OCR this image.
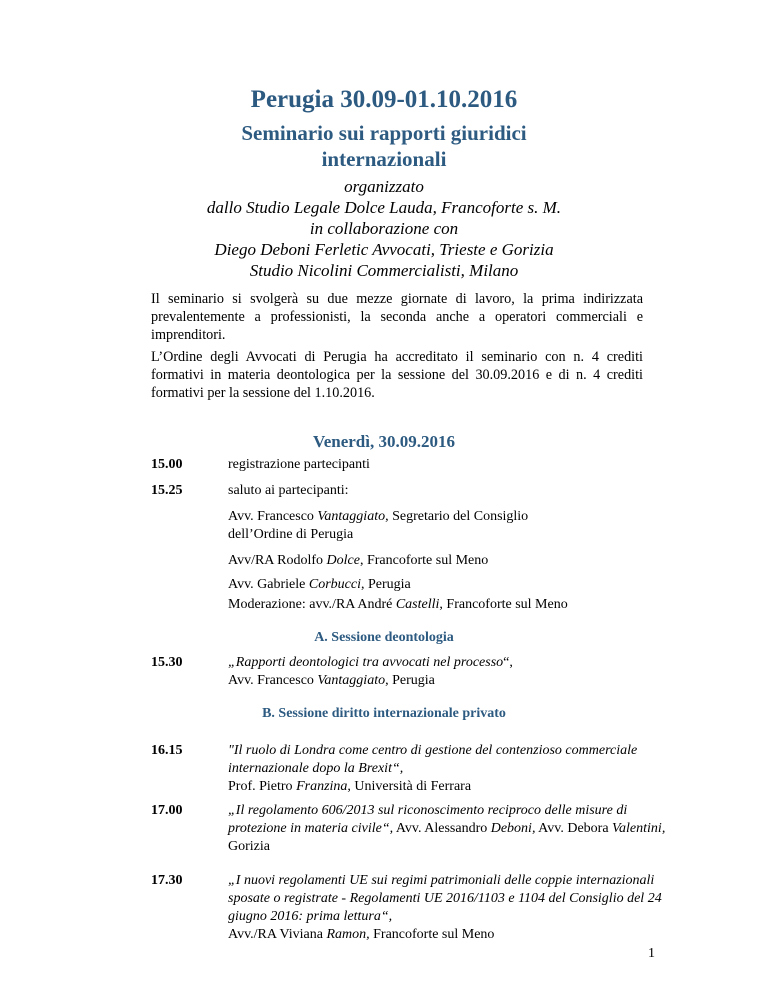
Perugia 30.09-01.10.2016
Seminario sui rapporti giuridici internazionali
organizzato
dallo Studio Legale Dolce Lauda, Francoforte s. M.
in collaborazione con
Diego Deboni Ferletic Avvocati, Trieste e Gorizia
Studio Nicolini Commercialisti, Milano
Il seminario si svolgerà su due mezze giornate di lavoro, la prima indirizzata prevalentemente a professionisti, la seconda anche a operatori commerciali e imprenditori.
L’Ordine degli Avvocati di Perugia ha accreditato il seminario con n. 4 crediti formativi in materia deontologica per la sessione del 30.09.2016 e di n. 4 crediti formativi per la sessione del 1.10.2016.
Venerdì, 30.09.2016
15.00	registrazione partecipanti
15.25	saluto ai partecipanti:
Avv. Francesco Vantaggiato, Segretario del Consiglio dell’Ordine di Perugia
Avv/RA Rodolfo Dolce, Francoforte sul Meno
Avv. Gabriele Corbucci, Perugia
Moderazione: avv./RA André Castelli, Francoforte sul Meno
A. Sessione deontologia
15.30	„Rapporti deontologici tra avvocati nel processo“,
Avv. Francesco Vantaggiato, Perugia
B. Sessione diritto internazionale privato
16.15	"Il ruolo di Londra come centro di gestione del contenzioso commerciale internazionale dopo la Brexit“,
Prof. Pietro Franzina, Università di Ferrara
17.00	„Il regolamento 606/2013 sul riconoscimento reciproco delle misure di protezione in materia civile“, Avv. Alessandro Deboni, Avv. Debora Valentini, Gorizia
17.30	„I nuovi regolamenti UE sui regimi patrimoniali delle coppie internazionali sposate o registrate - Regolamenti UE 2016/1103 e 1104 del Consiglio del 24 giugno 2016: prima lettura“,
Avv./RA Viviana Ramon, Francoforte sul Meno
1
